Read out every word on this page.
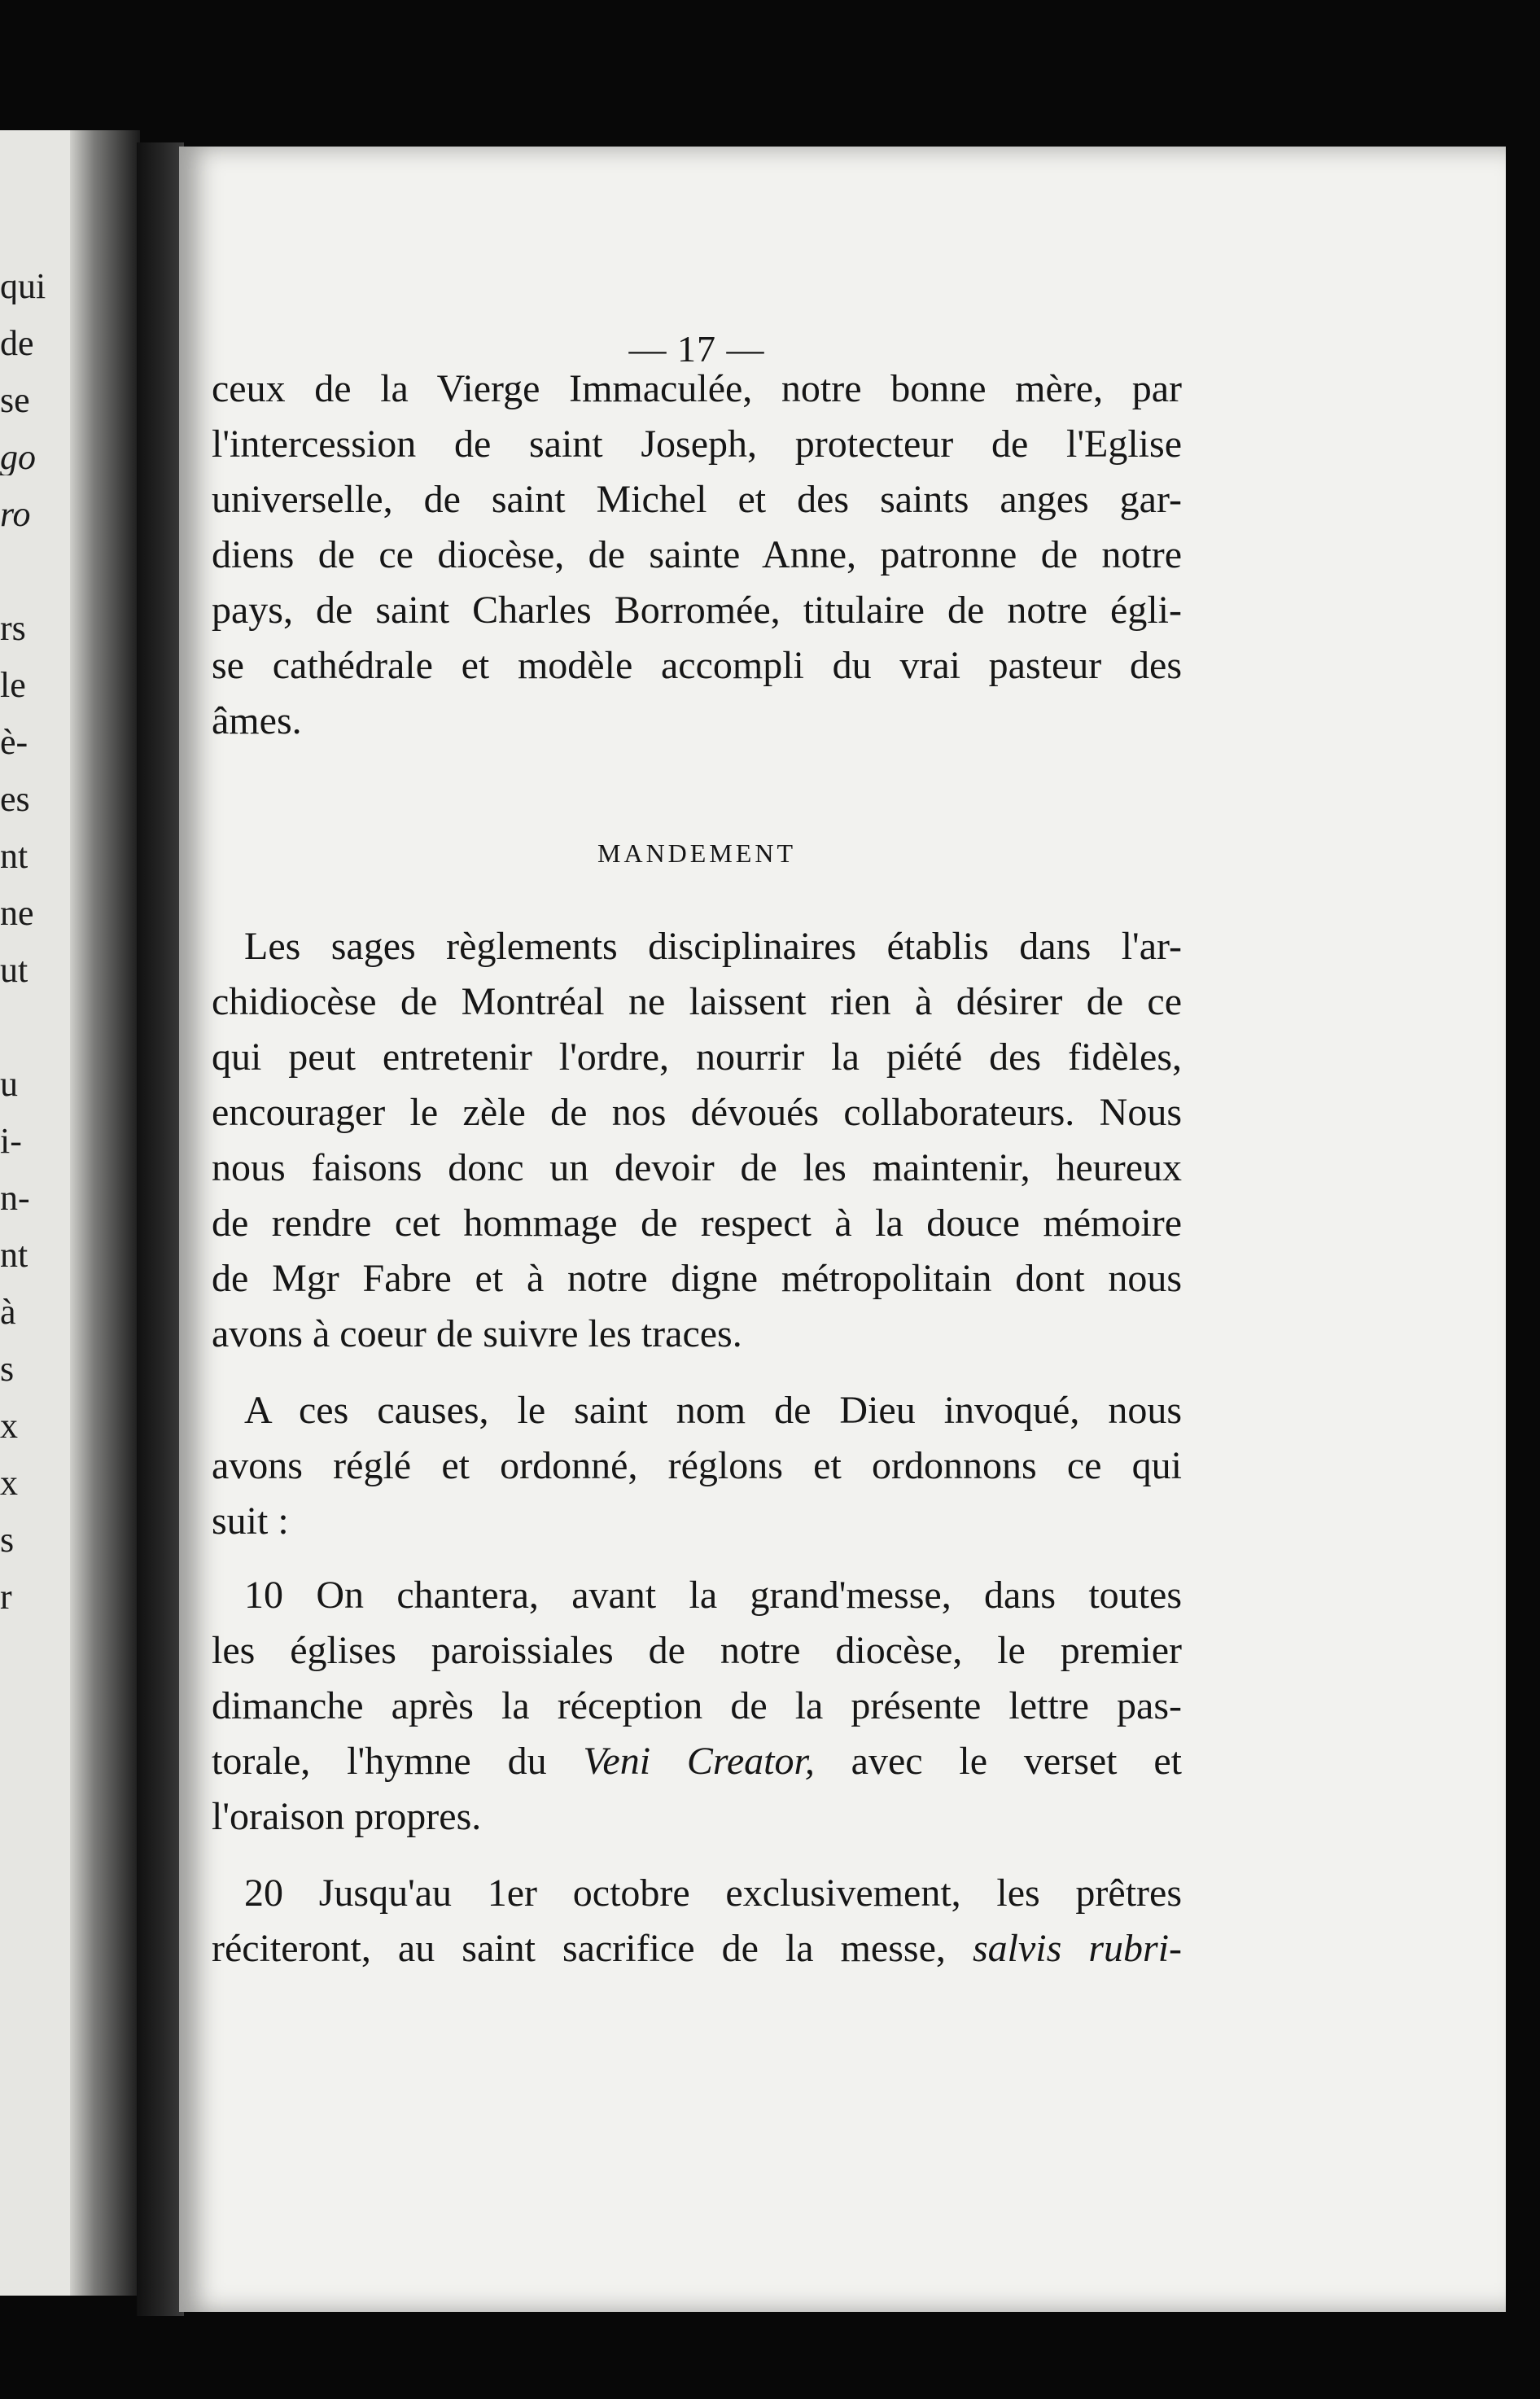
qui
de
se
go
ro
rs
le
è-
es
nt
ne
ut
u
i-
n-
nt
à
s
x
x
s
r
— 17 —
ceux de la Vierge Immaculée, notre bonne mère, par
l'intercession de saint Joseph, protecteur de l'Eglise
universelle, de saint Michel et des saints anges gar-
diens de ce diocèse, de sainte Anne, patronne de notre
pays, de saint Charles Borromée, titulaire de notre égli-
se cathédrale et modèle accompli du vrai pasteur des
âmes.
MANDEMENT
Les sages règlements disciplinaires établis dans l'ar-
chidiocèse de Montréal ne laissent rien à désirer de ce
qui peut entretenir l'ordre, nourrir la piété des fidèles,
encourager le zèle de nos dévoués collaborateurs. Nous
nous faisons donc un devoir de les maintenir, heureux
de rendre cet hommage de respect à la douce mémoire
de Mgr Fabre et à notre digne métropolitain dont nous
avons à coeur de suivre les traces.
A ces causes, le saint nom de Dieu invoqué, nous
avons réglé et ordonné, réglons et ordonnons ce qui
suit :
10 On chantera, avant la grand'messe, dans toutes
les églises paroissiales de notre diocèse, le premier
dimanche après la réception de la présente lettre pas-
torale, l'hymne du Veni Creator, avec le verset et
l'oraison propres.
20 Jusqu'au 1er octobre exclusivement, les prêtres
réciteront, au saint sacrifice de la messe, salvis rubri-
